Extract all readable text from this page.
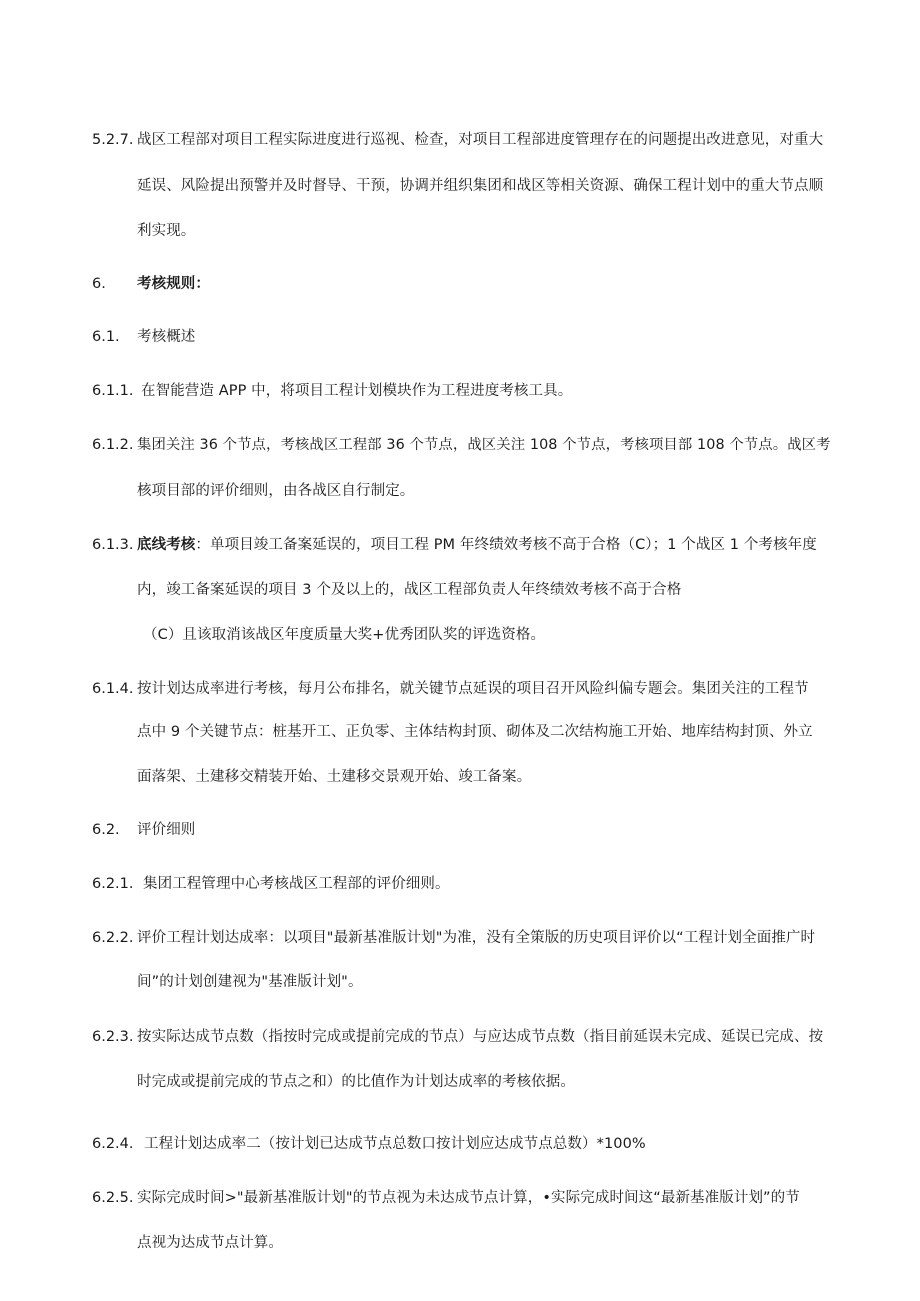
5.2.7. 战区工程部对项目工程实际进度进行巡视、检查，对项目工程部进度管理存在的问题提出改进意见，对重大
延误、风险提出预警并及时督导、干预，协调并组织集团和战区等相关资源、确保工程计划中的重大节点顺
利实现。
6. 考核规则：
6.1. 考核概述
6.1.1. 在智能营造 APP 中，将项目工程计划模块作为工程进度考核工具。
6.1.2. 集团关注 36 个节点，考核战区工程部 36 个节点，战区关注 108 个节点，考核项目部 108 个节点。战区考
核项目部的评价细则，由各战区自行制定。
6.1.3. 底线考核：单项目竣工备案延误的，项目工程 PM 年终绩效考核不高于合格（C）；1 个战区 1 个考核年度
内，竣工备案延误的项目 3 个及以上的，战区工程部负责人年终绩效考核不高于合格
（C）且该取消该战区年度质量大奖+优秀团队奖的评选资格。
6.1.4. 按计划达成率进行考核，每月公布排名，就关键节点延误的项目召开风险纠偏专题会。集团关注的工程节
点中 9 个关键节点：桩基开工、正负零、主体结构封顶、砌体及二次结构施工开始、地库结构封顶、外立
面落架、土建移交精装开始、土建移交景观开始、竣工备案。
6.2. 评价细则
6.2.1. 集团工程管理中心考核战区工程部的评价细则。
6.2.2. 评价工程计划达成率：以项目"最新基准版计划"为准，没有全策版的历史项目评价以“工程计划全面推广时
间”的计划创建视为"基准版计划"。
6.2.3. 按实际达成节点数（指按时完成或提前完成的节点）与应达成节点数（指目前延误未完成、延误已完成、按
时完成或提前完成的节点之和）的比值作为计划达成率的考核依据。
6.2.4. 工程计划达成率二（按计划已达成节点总数口按计划应达成节点总数）*100%
6.2.5. 实际完成时间>"最新基准版计划"的节点视为未达成节点计算，•实际完成时间这“最新基准版计划”的节
点视为达成节点计算。
